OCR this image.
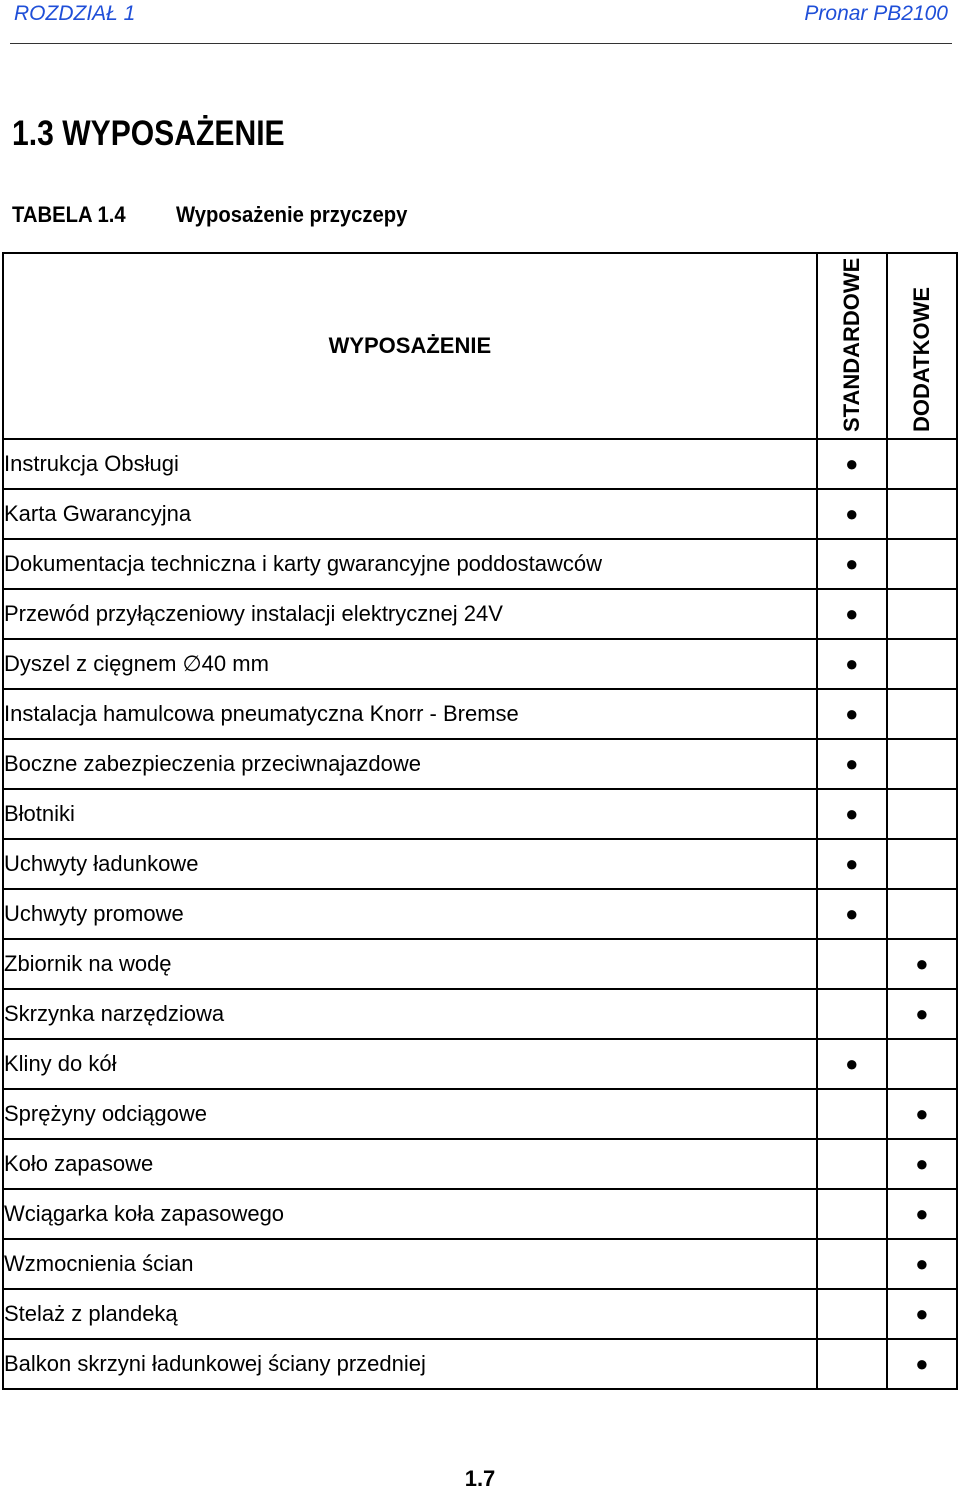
ROZDZIAŁ 1	Pronar PB2100
1.3 WYPOSAŻENIE
TABELA 1.4 Wyposażenie przyczepy
WYPOSAŻENIE	STANDARDOWE	DODATKOWE

Instrukcja Obsługi	●	
Karta Gwarancyjna	●	
Dokumentacja techniczna i karty gwarancyjne poddostawców	●	
Przewód przyłączeniowy instalacji elektrycznej 24V	●	
Dyszel z cięgnem ∅40 mm	●	
Instalacja hamulcowa pneumatyczna Knorr - Bremse	●	
Boczne zabezpieczenia przeciwnajazdowe	●	
Błotniki	●	
Uchwyty ładunkowe	●	
Uchwyty promowe	●	
Zbiornik na wodę		●
Skrzynka narzędziowa		●
Kliny do kół	●	
Sprężyny odciągowe		●
Koło zapasowe		●
Wciągarka koła zapasowego		●
Wzmocnienia ścian		●
Stelaż z plandeką		●
Balkon skrzyni ładunkowej ściany przedniej		●
1.7
